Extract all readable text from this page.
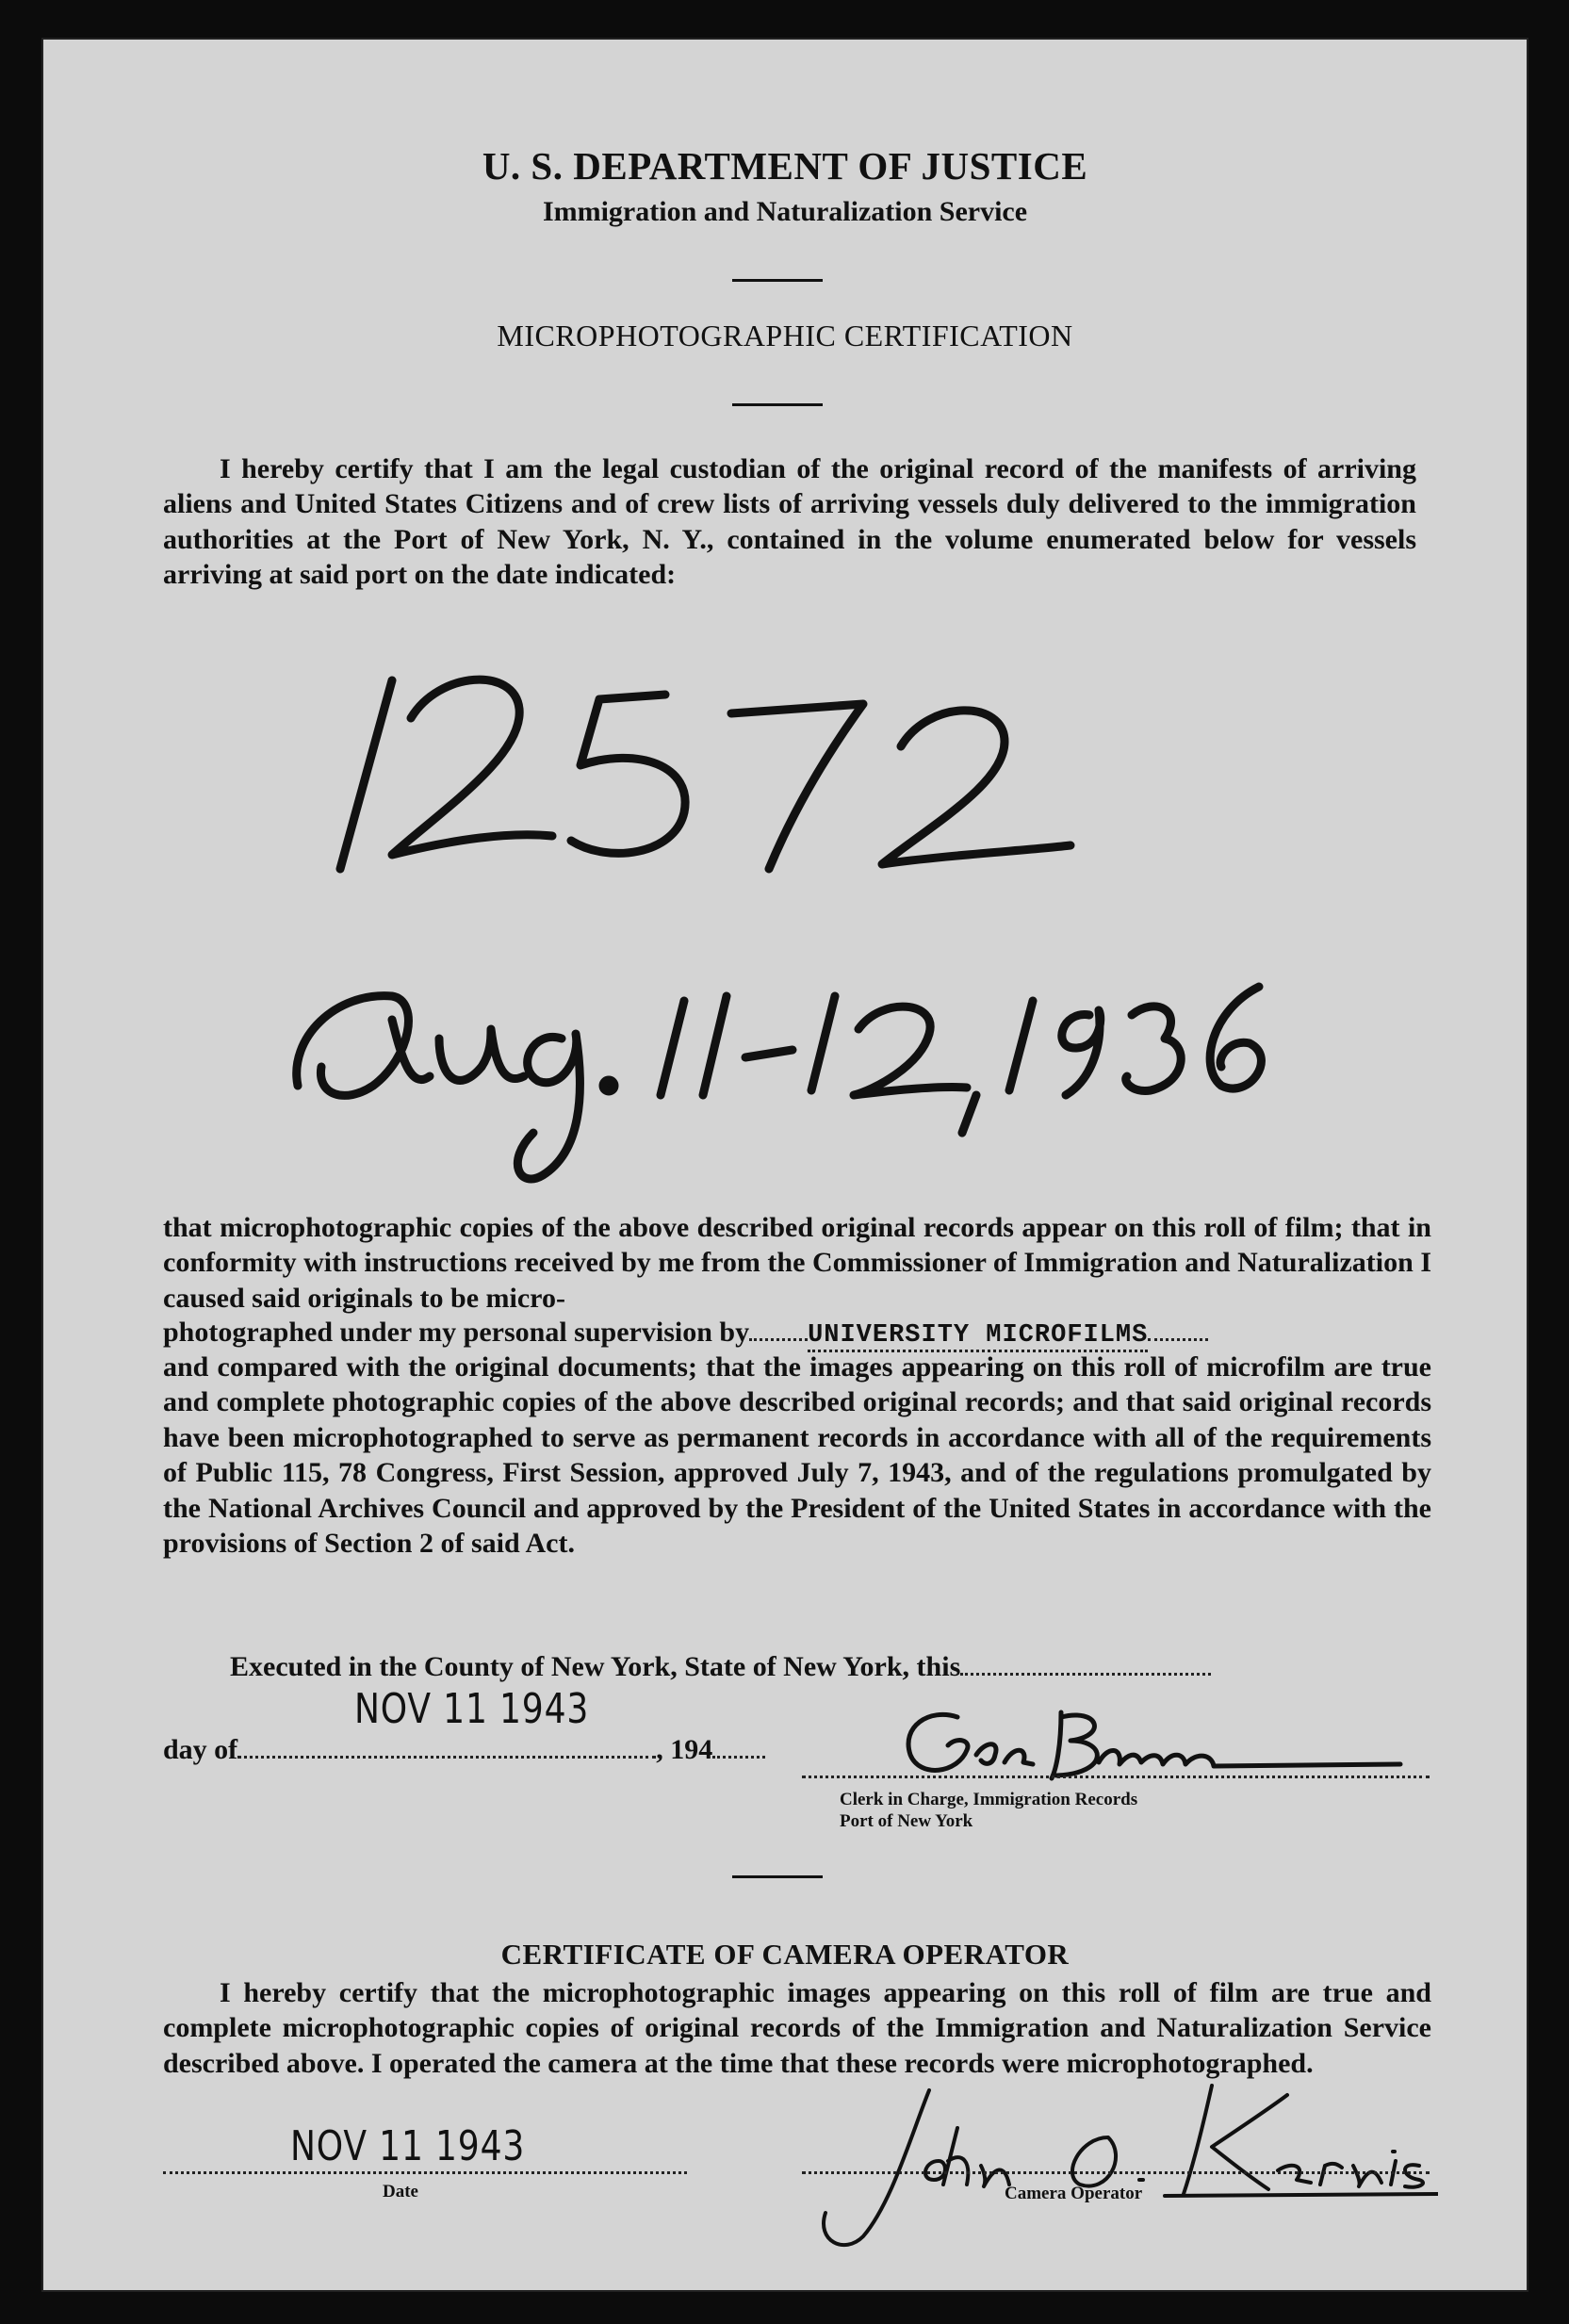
U. S. DEPARTMENT OF JUSTICE
Immigration and Naturalization Service
MICROPHOTOGRAPHIC CERTIFICATION
I hereby certify that I am the legal custodian of the original record of the manifests of arriving aliens and United States Citizens and of crew lists of arriving vessels duly delivered to the immigration authorities at the Port of New York, N. Y., contained in the volume enumerated below for vessels arriving at said port on the date indicated:
that microphotographic copies of the above described original records appear on this roll of film; that in conformity with instructions received by me from the Commissioner of Immigration and Naturalization I caused said originals to be micro-
photographed under my personal supervision by UNIVERSITY MICROFILMS
and compared with the original documents; that the images appearing on this roll of microfilm are true and complete photographic copies of the above described original records; and that said original records have been microphotographed to serve as permanent records in accordance with all of the requirements of Public 115, 78 Congress, First Session, approved July 7, 1943, and of the regulations promulgated by the National Archives Council and approved by the President of the United States in accordance with the provisions of Section 2 of said Act.
Executed in the County of New York, State of New York, this
NOV 11 1943
day of	, 194
Clerk in Charge, Immigration Records
Port of New York
CERTIFICATE OF CAMERA OPERATOR
I hereby certify that the microphotographic images appearing on this roll of film are true and complete microphotographic copies of original records of the Immigration and Naturalization Service described above. I operated the camera at the time that these records were microphotographed.
NOV 11 1943
Date	Camera Operator
